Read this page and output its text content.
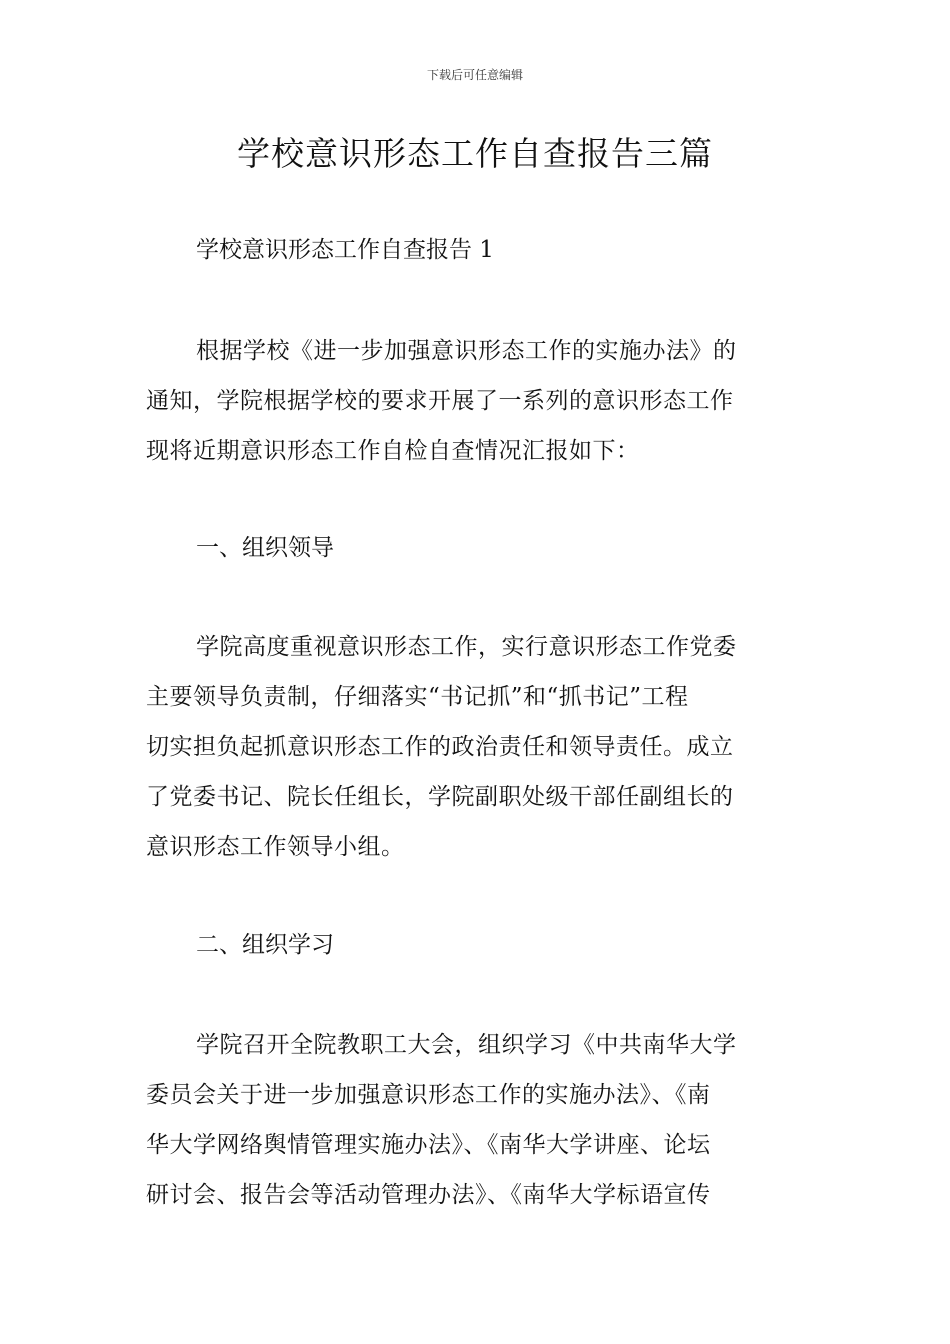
下载后可任意编辑
学校意识形态工作自查报告三篇
学校意识形态工作自查报告 1
根据学校《进一步加强意识形态工作的实施办法》的
通知，学院根据学校的要求开展了一系列的意识形态工作
现将近期意识形态工作自检自查情况汇报如下：
一、组织领导
学院高度重视意识形态工作，实行意识形态工作党委
主要领导负责制，仔细落实“书记抓”和“抓书记”工程
切实担负起抓意识形态工作的政治责任和领导责任。成立
了党委书记、院长任组长，学院副职处级干部任副组长的
意识形态工作领导小组。
二、组织学习
学院召开全院教职工大会，组织学习《中共南华大学
委员会关于进一步加强意识形态工作的实施办法》、《南
华大学网络舆情管理实施办法》、《南华大学讲座、论坛
研讨会、报告会等活动管理办法》、《南华大学标语宣传
